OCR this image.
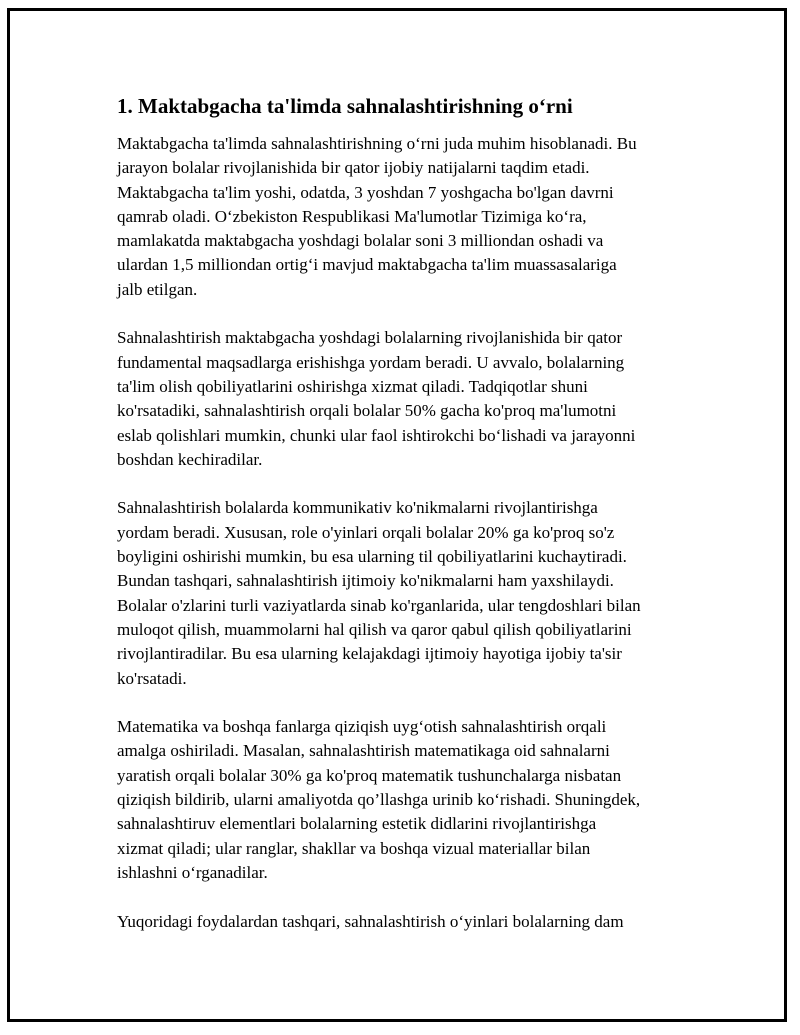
1. Maktabgacha ta'limda sahnalashtirishning o‘rni

Maktabgacha ta'limda sahnalashtirishning o‘rni juda muhim hisoblanadi. Bu
jarayon bolalar rivojlanishida bir qator ijobiy natijalarni taqdim etadi.
Maktabgacha ta'lim yoshi, odatda, 3 yoshdan 7 yoshgacha bo'lgan davrni
qamrab oladi. O‘zbekiston Respublikasi Ma'lumotlar Tizimiga ko‘ra,
mamlakatda maktabgacha yoshdagi bolalar soni 3 milliondan oshadi va
ulardan 1,5 milliondan ortig‘i mavjud maktabgacha ta'lim muassasalariga
jalb etilgan.

Sahnalashtirish maktabgacha yoshdagi bolalarning rivojlanishida bir qator
fundamental maqsadlarga erishishga yordam beradi. U avvalo, bolalarning
ta'lim olish qobiliyatlarini oshirishga xizmat qiladi. Tadqiqotlar shuni
ko'rsatadiki, sahnalashtirish orqali bolalar 50% gacha ko'proq ma'lumotni
eslab qolishlari mumkin, chunki ular faol ishtirokchi bo‘lishadi va jarayonni
boshdan kechiradilar.

Sahnalashtirish bolalarda kommunikativ ko'nikmalarni rivojlantirishga
yordam beradi. Xususan, role o'yinlari orqali bolalar 20% ga ko'proq so'z
boyligini oshirishi mumkin, bu esa ularning til qobiliyatlarini kuchaytiradi.
Bundan tashqari, sahnalashtirish ijtimoiy ko'nikmalarni ham yaxshilaydi.
Bolalar o'zlarini turli vaziyatlarda sinab ko'rganlarida, ular tengdoshlari bilan
muloqot qilish, muammolarni hal qilish va qaror qabul qilish qobiliyatlarini
rivojlantiradilar. Bu esa ularning kelajakdagi ijtimoiy hayotiga ijobiy ta'sir
ko'rsatadi.

Matematika va boshqa fanlarga qiziqish uyg‘otish sahnalashtirish orqali
amalga oshiriladi. Masalan, sahnalashtirish matematikaga oid sahnalarni
yaratish orqali bolalar 30% ga ko'proq matematik tushunchalarga nisbatan
qiziqish bildirib, ularni amaliyotda qo’llashga urinib ko‘rishadi. Shuningdek,
sahnalashtiruv elementlari bolalarning estetik didlarini rivojlantirishga
xizmat qiladi; ular ranglar, shakllar va boshqa vizual materiallar bilan
ishlashni o‘rganadilar.

Yuqoridagi foydalardan tashqari, sahnalashtirish o‘yinlari bolalarning dam
